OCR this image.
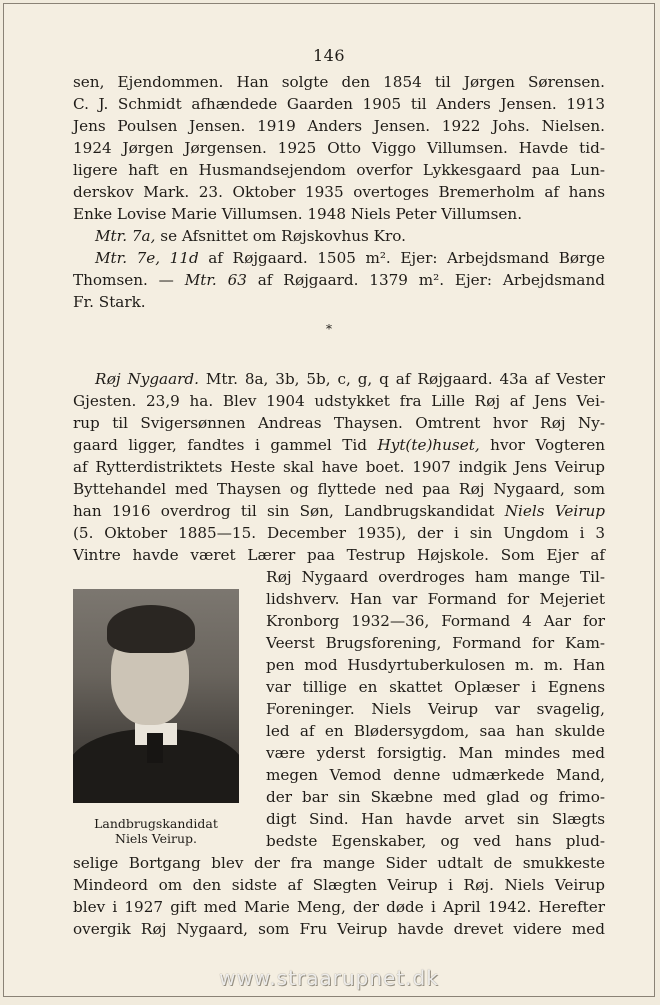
146
sen, Ejendommen. Han solgte den 1854 til Jørgen Sørensen.
C. J. Schmidt afhændede Gaarden 1905 til Anders Jensen. 1913
Jens Poulsen Jensen. 1919 Anders Jensen. 1922 Johs. Nielsen.
1924 Jørgen Jørgensen. 1925 Otto Viggo Villumsen. Havde tid-
ligere haft en Husmandsejendom overfor Lykkesgaard paa Lun-
derskov Mark. 23. Oktober 1935 overtoges Bremerholm af hans
Enke Lovise Marie Villumsen. 1948 Niels Peter Villumsen.
Mtr. 7a, se Afsnittet om Røjskovhus Kro.
Mtr. 7e, 11d af Røjgaard. 1505 m². Ejer: Arbejdsmand Børge
Thomsen. — Mtr. 63 af Røjgaard. 1379 m². Ejer: Arbejdsmand
Fr. Stark.
*
Røj Nygaard. Mtr. 8a, 3b, 5b, c, g, q af Røjgaard. 43a af Vester
Gjesten. 23,9 ha. Blev 1904 udstykket fra Lille Røj af Jens Vei-
rup til Svigersønnen Andreas Thaysen. Omtrent hvor Røj Ny-
gaard ligger, fandtes i gammel Tid Hyt(te)huset, hvor Vogteren
af Rytterdistriktets Heste skal have boet. 1907 indgik Jens Veirup
Byttehandel med Thaysen og flyttede ned paa Røj Nygaard, som
han 1916 overdrog til sin Søn, Landbrugskandidat Niels Veirup
(5. Oktober 1885—15. December 1935), der i sin Ungdom i 3
Vintre havde været Lærer paa Testrup Højskole. Som Ejer af
Landbrugskandidat
Niels Veirup.
Røj Nygaard overdroges ham mange Til-
lidshverv. Han var Formand for Mejeriet
Kronborg 1932—36, Formand 4 Aar for
Veerst Brugsforening, Formand for Kam-
pen mod Husdyrtuberkulosen m. m. Han
var tillige en skattet Oplæser i Egnens
Foreninger. Niels Veirup var svagelig,
led af en Blødersygdom, saa han skulde
være yderst forsigtig. Man mindes med
megen Vemod denne udmærkede Mand,
der bar sin Skæbne med glad og frimo-
digt Sind. Han havde arvet sin Slægts
bedste Egenskaber, og ved hans plud-
selige Bortgang blev der fra mange Sider udtalt de smukkeste
Mindeord om den sidste af Slægten Veirup i Røj. Niels Veirup
blev i 1927 gift med Marie Meng, der døde i April 1942. Herefter
overgik Røj Nygaard, som Fru Veirup havde drevet videre med
www.straarupnet.dk
